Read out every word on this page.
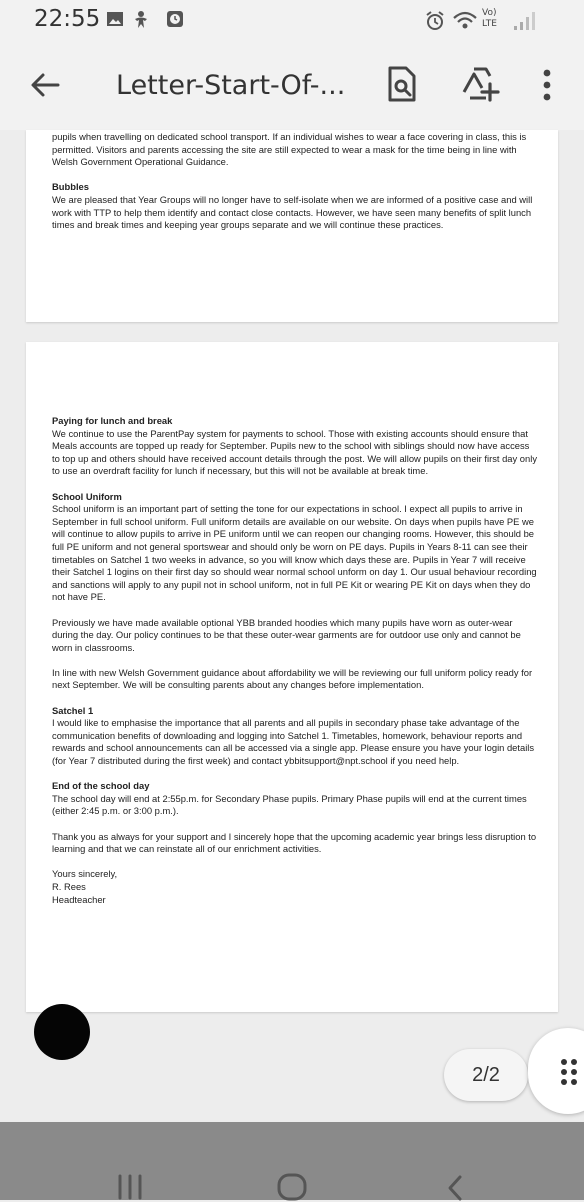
22:55	Vo)
LTE
Letter-Start-Of-...

pupils when travelling on dedicated school transport. If an individual wishes to wear a face covering in class, this is permitted. Visitors and parents accessing the site are still expected to wear a mask for the time being in line with Welsh Government Operational Guidance.

Bubbles

We are pleased that Year Groups will no longer have to self-isolate when we are informed of a positive case and will work with TTP to help them identify and contact close contacts. However, we have seen many benefits of split lunch times and break times and keeping year groups separate and we will continue these practices.

Paying for lunch and break

We continue to use the ParentPay system for payments to school. Those with existing accounts should ensure that Meals accounts are topped up ready for September. Pupils new to the school with siblings should now have access to top up and others should have received account details through the post. We will allow pupils on their first day only to use an overdraft facility for lunch if necessary, but this will not be available at break time.

School Uniform

School uniform is an important part of setting the tone for our expectations in school. I expect all pupils to arrive in September in full school uniform. Full uniform details are available on our website. On days when pupils have PE we will continue to allow pupils to arrive in PE uniform until we can reopen our changing rooms. However, this should be full PE uniform and not general sportswear and should only be worn on PE days. Pupils in Years 8-11 can see their timetables on Satchel 1 two weeks in advance, so you will know which days these are. Pupils in Year 7 will receive their Satchel 1 logins on their first day so should wear normal school unform on day 1. Our usual behaviour recording and sanctions will apply to any pupil not in school uniform, not in full PE Kit or wearing PE Kit on days when they do not have PE.

Previously we have made available optional YBB branded hoodies which many pupils have worn as outer-wear during the day. Our policy continues to be that these outer-wear garments are for outdoor use only and cannot be worn in classrooms.

In line with new Welsh Government guidance about affordability we will be reviewing our full uniform policy ready for next September. We will be consulting parents about any changes before implementation.

Satchel 1

I would like to emphasise the importance that all parents and all pupils in secondary phase take advantage of the communication benefits of downloading and logging into Satchel 1. Timetables, homework, behaviour reports and rewards and school announcements can all be accessed via a single app. Please ensure you have your login details (for Year 7 distributed during the first week) and contact ybbitsupport@npt.school if you need help.

End of the school day

The school day will end at 2:55p.m. for Secondary Phase pupils. Primary Phase pupils will end at the current times (either 2:45 p.m. or 3:00 p.m.).

Thank you as always for your support and I sincerely hope that the upcoming academic year brings less disruption to learning and that we can reinstate all of our enrichment activities.

Yours sincerely,

R. Rees

Headteacher

2/2
